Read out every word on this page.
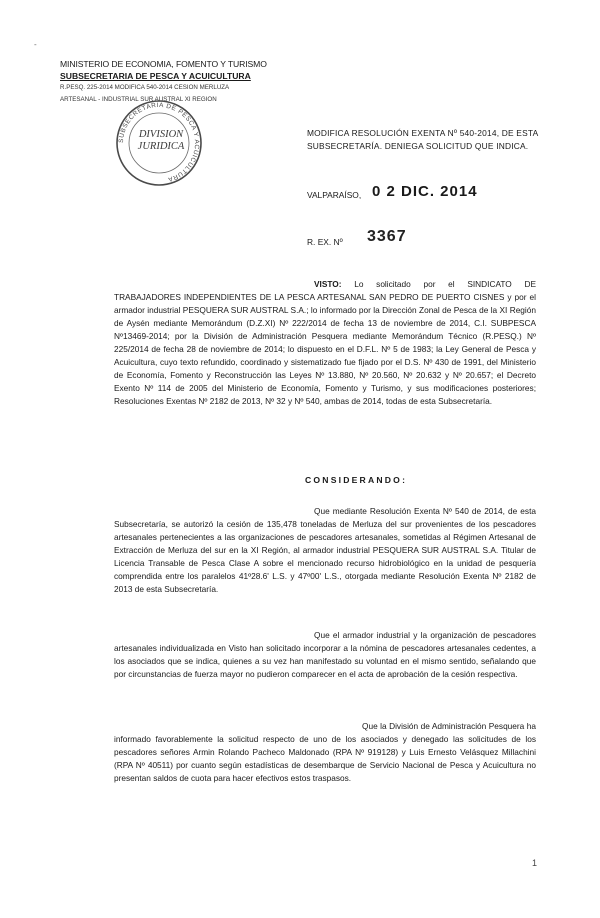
-
MINISTERIO DE ECONOMIA, FOMENTO Y TURISMO
SUBSECRETARIA DE PESCA Y ACUICULTURA
R.PESQ. 225-2014 MODIFICA 540-2014 CESION MERLUZA
ARTESANAL - INDUSTRIAL SUR AUSTRAL XI REGION
SUBSECRETARIA DE PESCA Y ACUICULTURA
DIVISION
JURIDICA
MODIFICA RESOLUCIÓN EXENTA Nº 540-2014, DE ESTA SUBSECRETARÍA. DENIEGA SOLICITUD QUE INDICA.
VALPARAÍSO, 0 2 DIC. 2014
R. EX. Nº 3367
VISTO: Lo solicitado por el SINDICATO DE TRABAJADORES INDEPENDIENTES DE LA PESCA ARTESANAL SAN PEDRO DE PUERTO CISNES y por el armador industrial PESQUERA SUR AUSTRAL S.A.; lo informado por la Dirección Zonal de Pesca de la XI Región de Aysén mediante Memorándum (D.Z.XI) Nº 222/2014 de fecha 13 de noviembre de 2014, C.I. SUBPESCA Nº13469-2014; por la División de Administración Pesquera mediante Memorándum Técnico (R.PESQ.) Nº 225/2014 de fecha 28 de noviembre de 2014; lo dispuesto en el D.F.L. Nº 5 de 1983; la Ley General de Pesca y Acuicultura, cuyo texto refundido, coordinado y sistematizado fue fijado por el D.S. Nº 430 de 1991, del Ministerio de Economía, Fomento y Reconstrucción las Leyes Nº 13.880, Nº 20.560, Nº 20.632 y Nº 20.657; el Decreto Exento Nº 114 de 2005 del Ministerio de Economía, Fomento y Turismo, y sus modificaciones posteriores; Resoluciones Exentas Nº 2182 de 2013, Nº 32 y Nº 540, ambas de 2014, todas de esta Subsecretaría.
CONSIDERANDO:
Que mediante Resolución Exenta Nº 540 de 2014, de esta Subsecretaría, se autorizó la cesión de 135,478 toneladas de Merluza del sur provenientes de los pescadores artesanales pertenecientes a las organizaciones de pescadores artesanales, sometidas al Régimen Artesanal de Extracción de Merluza del sur en la XI Región, al armador industrial PESQUERA SUR AUSTRAL S.A. Titular de Licencia Transable de Pesca Clase A sobre el mencionado recurso hidrobiológico en la unidad de pesquería comprendida entre los paralelos 41º28.6' L.S. y 47º00' L.S., otorgada mediante Resolución Exenta Nº 2182 de 2013 de esta Subsecretaría.
Que el armador industrial y la organización de pescadores artesanales individualizada en Visto han solicitado incorporar a la nómina de pescadores artesanales cedentes, a los asociados que se indica, quienes a su vez han manifestado su voluntad en el mismo sentido, señalando que por circunstancias de fuerza mayor no pudieron comparecer en el acta de aprobación de la cesión respectiva.
Que la División de Administración Pesquera ha informado favorablemente la solicitud respecto de uno de los asociados y denegado las solicitudes de los pescadores señores Armin Rolando Pacheco Maldonado (RPA Nº 919128) y Luis Ernesto Velásquez Millachini (RPA Nº 40511) por cuanto según estadísticas de desembarque de Servicio Nacional de Pesca y Acuicultura no presentan saldos de cuota para hacer efectivos estos traspasos.
1
